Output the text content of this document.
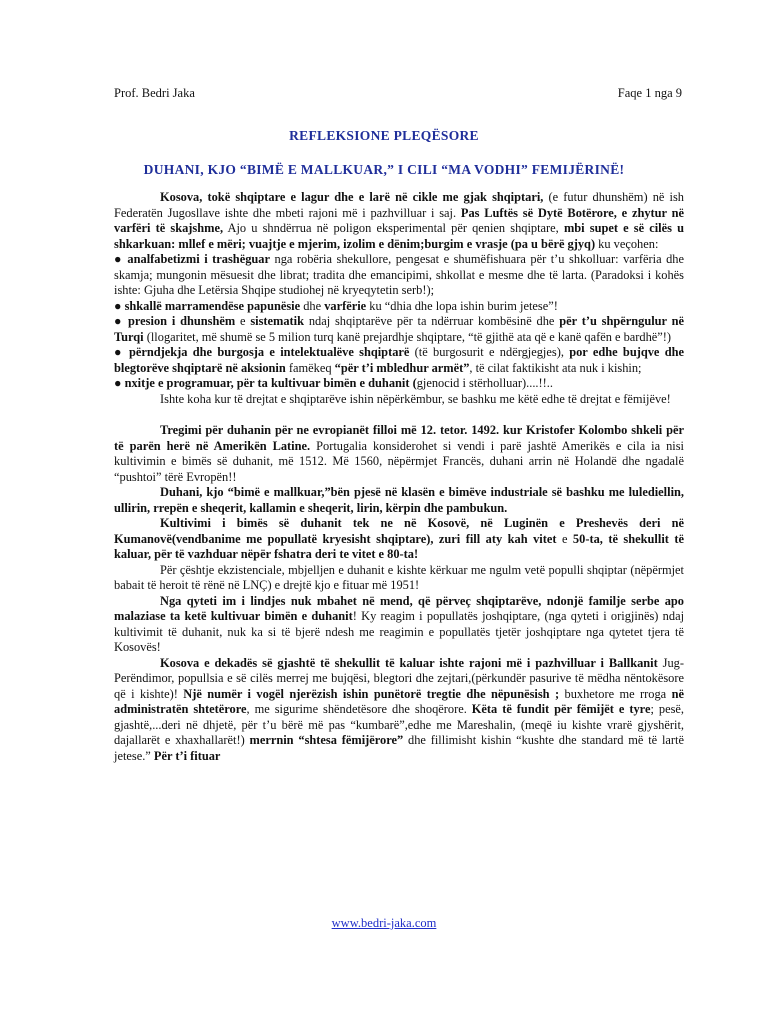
Prof. Bedri Jaka	Faqe 1 nga 9
REFLEKSIONE PLEQËSORE
DUHANI, KJO “BIMË E MALLKUAR,” I CILI “MA VODHI” FEMIJËRINË!

Kosova, tokë shqiptare e lagur dhe e larë në cikle me gjak shqiptari, (e futur dhunshëm) në ish Federatën Jugosllave ishte dhe mbeti rajoni më i pazhvilluar i saj. Pas Luftës së Dytë Botërore, e zhytur në varfëri të skajshme, Ajo u shndërrua në poligon eksperimental për qenien shqiptare, mbi supet e së cilës u shkarkuan: mllef e mëri; vuajtje e mjerim, izolim e dënim;burgim e vrasje (pa u bërë gjyq) ku veçohen:

● analfabetizmi i trashëguar nga robëria shekullore, pengesat e shumëfishuara për t’u shkolluar: varfëria dhe skamja; mungonin mësuesit dhe librat; tradita dhe emancipimi, shkollat e mesme dhe të larta. (Paradoksi i kohës ishte: Gjuha dhe Letërsia Shqipe studiohej në kryeqytetin serb!);

● shkallë marramendëse papunësie dhe varfërie ku “dhia dhe lopa ishin burim jetese”!

● presion i dhunshëm e sistematik ndaj shqiptarëve për ta ndërruar kombësinë dhe për t’u shpërngulur në Turqi (llogaritet, më shumë se 5 milion turq kanë prejardhje shqiptare, “të gjithë ata që e kanë qafën e bardhë”!)

● përndjekja dhe burgosja e intelektualëve shqiptarë (të burgosurit e ndërgjegjes), por edhe bujqve dhe blegtorëve shqiptarë në aksionin famëkeq “për t’i mbledhur armët”, të cilat faktikisht ata nuk i kishin;

● nxitje e programuar, për ta kultivuar bimën e duhanit (gjenocid i stërholluar)....!!..

Ishte koha kur të drejtat e shqiptarëve ishin nëpërkëmbur, se bashku me këtë edhe të drejtat e fëmijëve!

Tregimi për duhanin për ne evropianët filloi më 12. tetor. 1492. kur Kristofer Kolombo shkeli për të parën herë në Amerikën Latine. Portugalia konsiderohet si vendi i parë jashtë Amerikës e cila ia nisi kultivimin e bimës së duhanit, më 1512. Më 1560, nëpërmjet Francës, duhani arrin në Holandë dhe ngadalë “pushtoi” tërë Evropën!!

Duhani, kjo “bimë e mallkuar,”bën pjesë në klasën e bimëve industriale së bashku me lulediellin, ullirin, rrepën e sheqerit, kallamin e sheqerit, lirin, kërpin dhe pambukun.

Kultivimi i bimës së duhanit tek ne në Kosovë, në Luginën e Preshevës deri në Kumanovë(vendbanime me popullatë kryesisht shqiptare), zuri fill aty kah vitet e 50-ta, të shekullit të kaluar, për të vazhduar nëpër fshatra deri te vitet e 80-ta!

Për çështje ekzistenciale, mbjelljen e duhanit e kishte kërkuar me ngulm vetë populli shqiptar (nëpërmjet babait të heroit të rënë në LNÇ) e drejtë kjo e fituar më 1951!

Nga qyteti im i lindjes nuk mbahet në mend, që përveç shqiptarëve, ndonjë familje serbe apo malaziase ta ketë kultivuar bimën e duhanit! Ky reagim i popullatës joshqiptare, (nga qyteti i origjinës) ndaj kultivimit të duhanit, nuk ka si të bjerë ndesh me reagimin e popullatës tjetër joshqiptare nga qytetet tjera të Kosovës!

Kosova e dekadës së gjashtë të shekullit të kaluar ishte rajoni më i pazhvilluar i Ballkanit Jug-Perëndimor, popullsia e së cilës merrej me bujqësi, blegtori dhe zejtari,(përkundër pasurive të mëdha nëntokësore që i kishte)! Një numër i vogël njerëzish ishin punëtorë tregtie dhe nëpunësish ; buxhetore me rroga në administratën shtetërore, me sigurime shëndetësore dhe shoqërore. Këta të fundit për fëmijët e tyre; pesë, gjashtë,...deri në dhjetë, për t’u bërë më pas “kumbarë”,edhe me Mareshalin, (meqë iu kishte vrarë gjyshërit, dajallarët e xhaxhallarët!) merrnin “shtesa fëmijërore” dhe fillimisht kishin “kushte dhe standard më të lartë jetese.” Për t’i fituar

www.bedri-jaka.com
